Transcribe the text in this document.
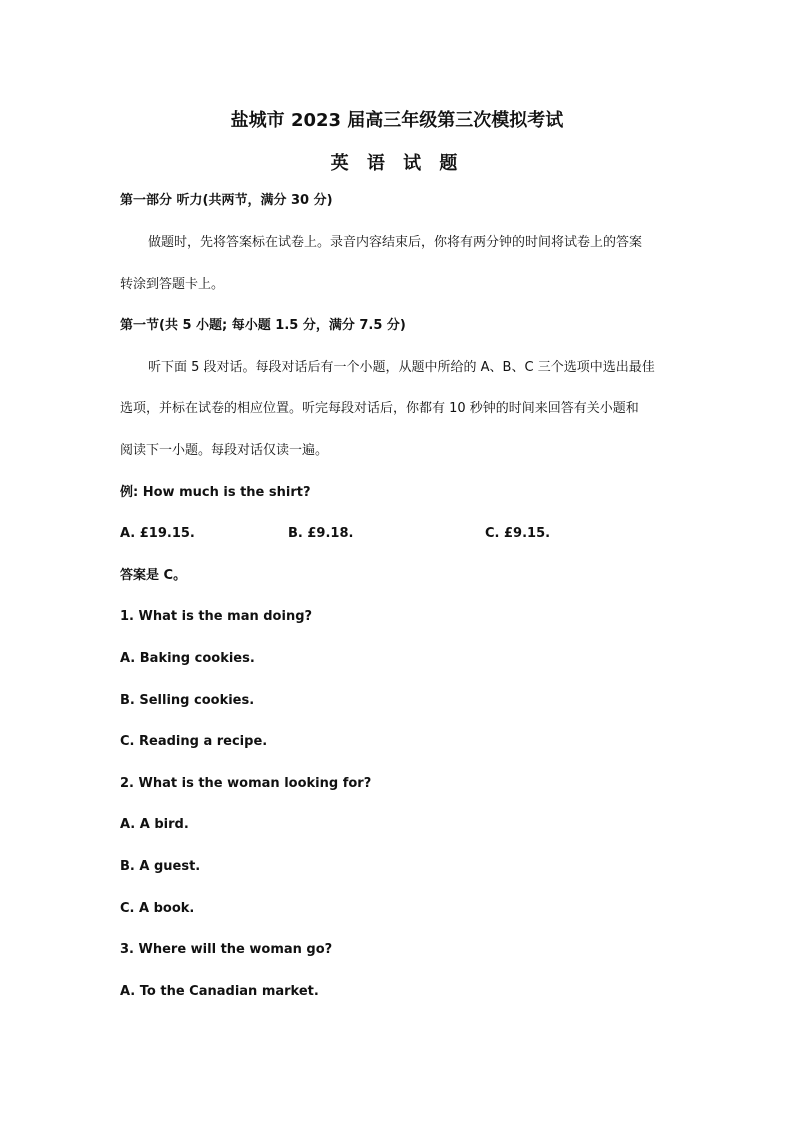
盐城市 2023 届高三年级第三次模拟考试
英 语 试 题
第一部分 听力(共两节，满分 30 分)
做题时，先将答案标在试卷上。录音内容结束后，你将有两分钟的时间将试卷上的答案
转涂到答题卡上。
第一节(共 5 小题; 每小题 1.5 分，满分 7.5 分)
听下面 5 段对话。每段对话后有一个小题，从题中所给的 A、B、C 三个选项中选出最佳
选项，并标在试卷的相应位置。听完每段对话后，你都有 10 秒钟的时间来回答有关小题和
阅读下一小题。每段对话仅读一遍。
例: How much is the shirt?
A. £19.15.	B. £9.18.	C. £9.15.
答案是 C。
1. What is the man doing?
A. Baking cookies.
B. Selling cookies.
C. Reading a recipe.
2. What is the woman looking for?
A. A bird.
B. A guest.
C. A book.
3. Where will the woman go?
A. To the Canadian market.
